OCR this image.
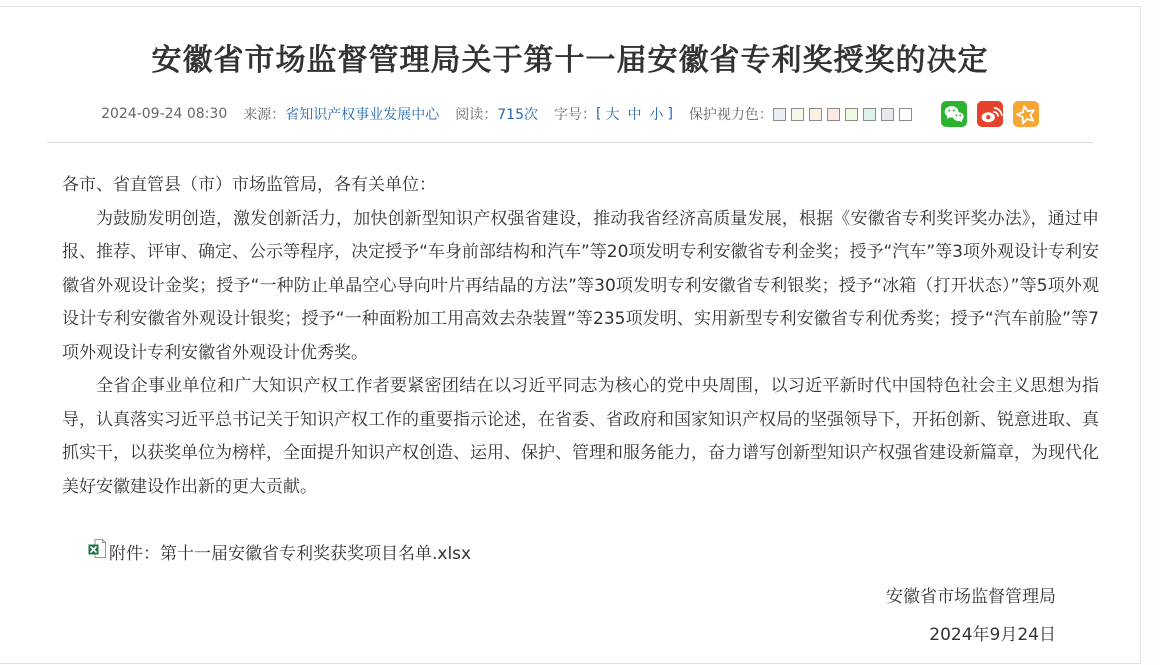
安徽省市场监督管理局关于第十一届安徽省专利奖授奖的决定
2024-09-24 08:30 来源： 省知识产权事业发展中心 阅读： 715次 字号： [ 大 中 小 ] 保护视力色：

各市、省直管县（市）市场监管局，各有关单位：

为鼓励发明创造，激发创新活力，加快创新型知识产权强省建设，推动我省经济高质量发展，根据《安徽省专利奖评奖办法》，通过申报、推荐、评审、确定、公示等程序，决定授予“车身前部结构和汽车”等20项发明专利安徽省专利金奖；授予“汽车”等3项外观设计专利安徽省外观设计金奖；授予“一种防止单晶空心导向叶片再结晶的方法”等30项发明专利安徽省专利银奖；授予“冰箱（打开状态）”等5项外观设计专利安徽省外观设计银奖；授予“一种面粉加工用高效去杂装置”等235项发明、实用新型专利安徽省专利优秀奖；授予“汽车前脸”等7项外观设计专利安徽省外观设计优秀奖。

全省企事业单位和广大知识产权工作者要紧密团结在以习近平同志为核心的党中央周围，以习近平新时代中国特色社会主义思想为指导，认真落实习近平总书记关于知识产权工作的重要指示论述，在省委、省政府和国家知识产权局的坚强领导下，开拓创新、锐意进取、真抓实干，以获奖单位为榜样，全面提升知识产权创造、运用、保护、管理和服务能力，奋力谱写创新型知识产权强省建设新篇章，为现代化美好安徽建设作出新的更大贡献。

附件：第十一届安徽省专利奖获奖项目名单.xlsx
安徽省市场监督管理局
2024年9月24日
